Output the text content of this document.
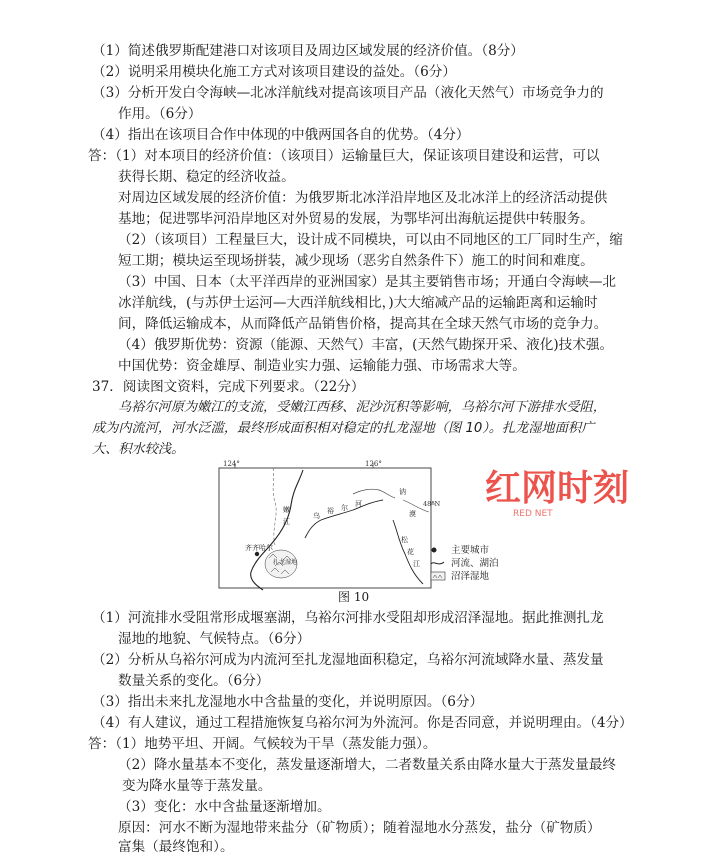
（1）简述俄罗斯配建港口对该项目及周边区域发展的经济价值。（8分）
（2）说明采用模块化施工方式对该项目建设的益处。（6分）
（3）分析开发白令海峡—北冰洋航线对提高该项目产品（液化天然气）市场竞争力的
作用。（6分）
（4）指出在该项目合作中体现的中俄两国各自的优势。（4分）
答：（1）对本项目的经济价值：（该项目）运输量巨大，保证该项目建设和运营，可以
获得长期、稳定的经济收益。
对周边区域发展的经济价值：为俄罗斯北冰洋沿岸地区及北冰洋上的经济活动提供
基地；促进鄂毕河沿岸地区对外贸易的发展，为鄂毕河出海航运提供中转服务。
（2）（该项目）工程量巨大，设计成不同模块，可以由不同地区的工厂同时生产，缩
短工期；模块运至现场拼装，减少现场（恶劣自然条件下）施工的时间和难度。
（3）中国、日本（太平洋西岸的亚洲国家）是其主要销售市场；开通白令海峡—北
冰洋航线，(与苏伊士运河—大西洋航线相比，)大大缩减产品的运输距离和运输时
间，降低运输成本，从而降低产品销售价格，提高其在全球天然气市场的竞争力。
（4）俄罗斯优势：资源（能源、天然气）丰富，(天然气勘探开采、液化)技术强。
中国优势：资金雄厚、制造业实力强、运输能力强、市场需求大等。
37．阅读图文资料，完成下列要求。（22分）
乌裕尔河原为嫩江的支流，受嫩江西移、泥沙沉积等影响，乌裕尔河下游排水受阻，
成为内流河，河水泛滥，最终形成面积相对稳定的扎龙湿地（图 10）。扎龙湿地面积广
大、积水较浅。
124°	126°
48°N
齐齐哈尔
扎龙湿地
嫩
江
乌
裕 尔 河
松
花
江
讷
漠
主要城市
河流、湖泊
沼泽湿地
图 10
红网时刻
RED NET
（1）河流排水受阻常形成堰塞湖，乌裕尔河排水受阻却形成沼泽湿地。据此推测扎龙
湿地的地貌、气候特点。（6分）
（2）分析从乌裕尔河成为内流河至扎龙湿地面积稳定，乌裕尔河流域降水量、蒸发量
数量关系的变化。（6分）
（3）指出未来扎龙湿地水中含盐量的变化，并说明原因。（6分）
（4）有人建议，通过工程措施恢复乌裕尔河为外流河。你是否同意，并说明理由。（4分）
答：（1）地势平坦、开阔。气候较为干旱（蒸发能力强）。
（2）降水量基本不变化，蒸发量逐渐增大，二者数量关系由降水量大于蒸发量最终
变为降水量等于蒸发量。
（3）变化：水中含盐量逐渐增加。
原因：河水不断为湿地带来盐分（矿物质）；随着湿地水分蒸发，盐分（矿物质）
富集（最终饱和）。
